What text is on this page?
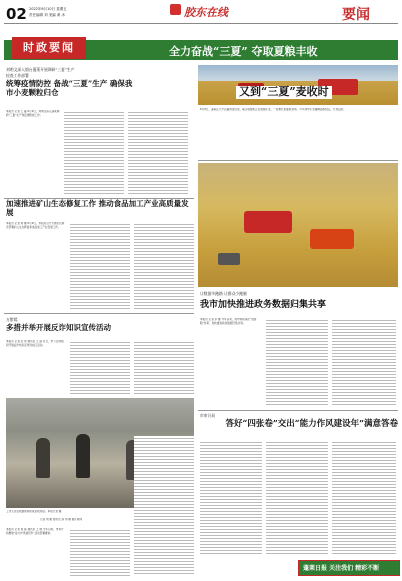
02 2022年6月10日 星期五
责任编辑 刘 美编 黄 冰	胶东在线	要闻
时政要闻	全力奋战“三夏” 夺取夏粮丰收
刘明文深入烟台蓬莱开展调研“三夏”生产
检查工作部署
统筹疫情防控 备战“三夏”生产 确保我市小麦颗粒归仓
本报讯 记者 王 磊 6月9日，刘明文深入蓬莱调研“三夏”生产和疫情防控工作。
又到“三夏”麦收时
6月9日，蓬莱区大辛店镇的麦田里，联合收割机正在收割小麦，一派繁忙的夏收景象。今年我市小麦播种面积稳定，长势良好。
加速推进矿山生态修复工作 推动食品加工产业高质量发展
本报讯 记者 刘 娜 6月9日，市政府召开专题会议研究部署矿山生态修复和食品加工产业发展工作。
万紫嫣
多措并举开展反诈知识宣传活动
本报讯 记者 张 伟 通讯员 王 丽 近日，市公安局组织开展反诈知识宣传进社区活动。
让数据多跑路 让群众少跑腿
我市加快推进政务数据归集共享
本报讯 记者 李 娜 今年以来，我市持续深化“放管服”改革，加快推进政务数据归集共享。
市审计局
答好“四张卷”交出“能力作风建设年”满意答卷
工作人员在收割现场检查麦收进度。本报记者 摄
记者 刘 娜 通讯员 孙 伟 摄 图片新闻
本报讯 记者 刘 春 通讯员 王 晓 今年以来，市审计局聚焦“能力作风建设年”活动部署要求。
蓬莱日报 关注我们 精彩不断
